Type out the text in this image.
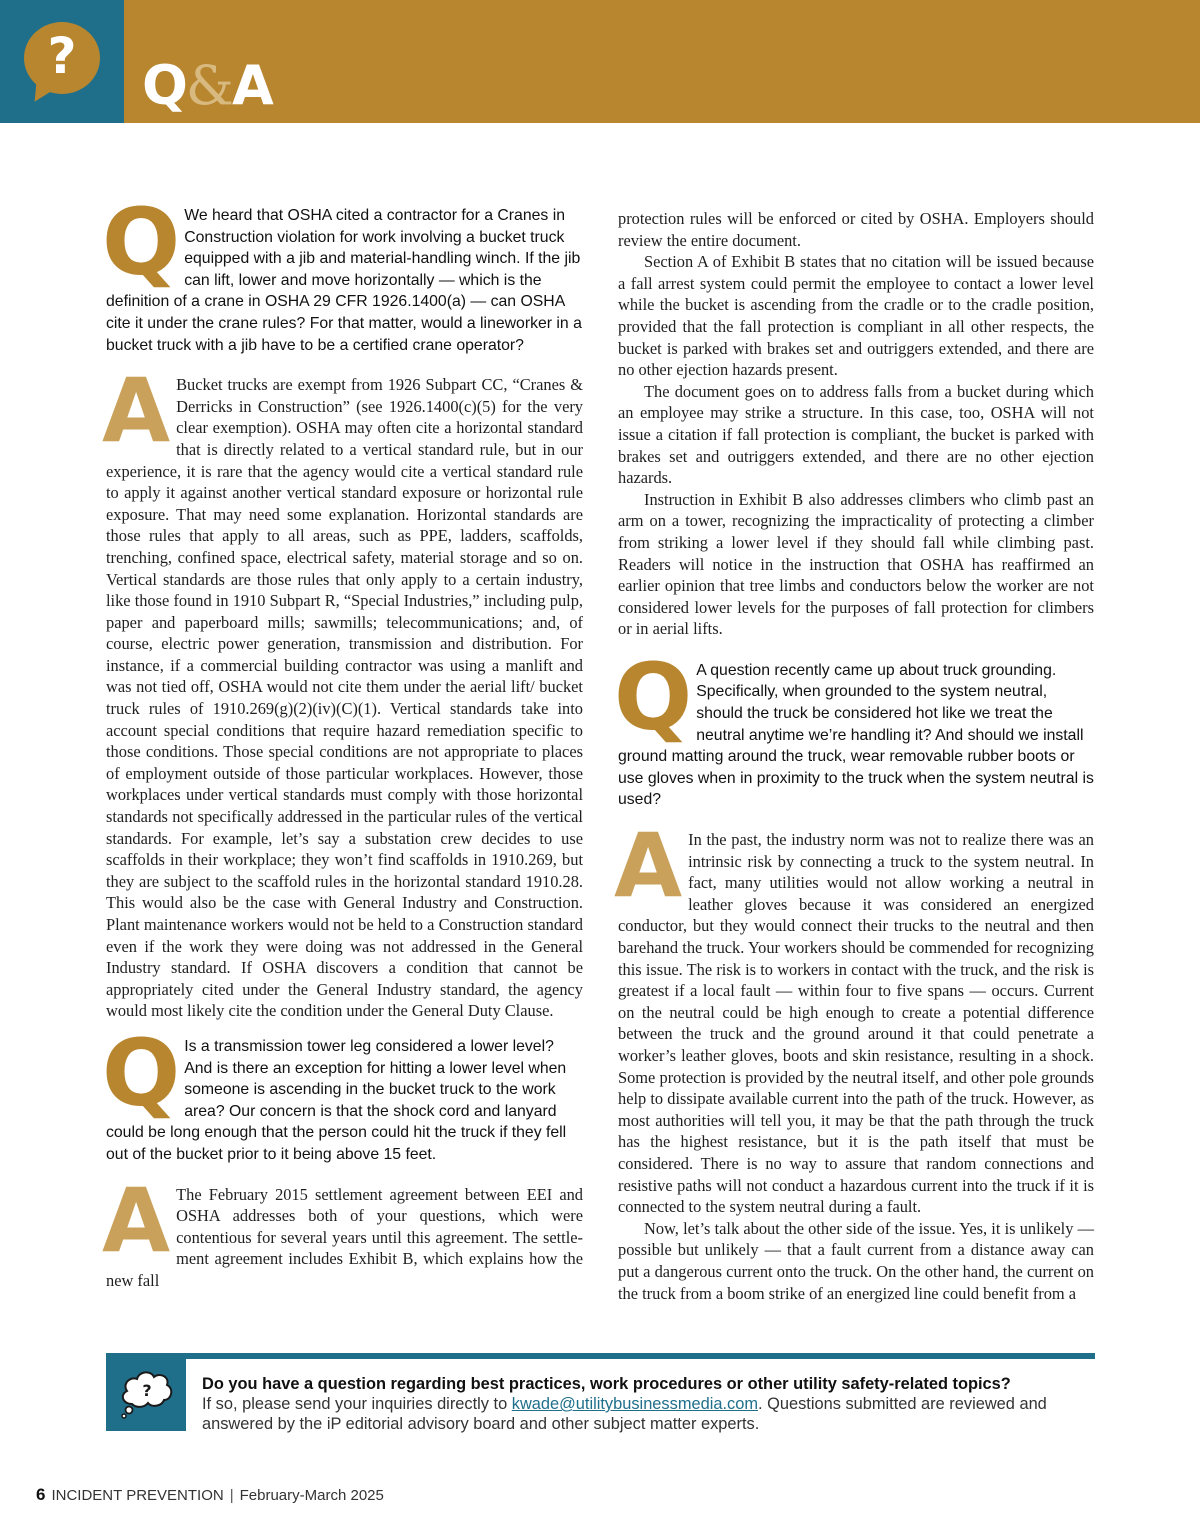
?	Q&A
Q We heard that OSHA cited a contractor for a Cranes in Construction violation for work involving a bucket truck equipped with a jib and material-handling winch. If the jib can lift, lower and move horizontally — which is the definition of a crane in OSHA 29 CFR 1926.1400(a) — can OSHA cite it under the crane rules? For that matter, would a lineworker in a bucket truck with a jib have to be a certified crane operator?
A Bucket trucks are exempt from 1926 Subpart CC, “Cranes & Derricks in Construction” (see 1926.1400(c)(5) for the very clear exemption). OSHA may often cite a horizontal standard that is directly related to a vertical standard rule, but in our experience, it is rare that the agency would cite a vertical standard rule to apply it against another vertical standard exposure or horizontal rule exposure. That may need some explanation. Horizontal standards are those rules that apply to all areas, such as PPE, ladders, scaffolds, trenching, confined space, electrical safety, material storage and so on. Vertical standards are those rules that only apply to a certain industry, like those found in 1910 Subpart R, “Special Industries,” including pulp, paper and paperboard mills; sawmills; telecommunications; and, of course, electric power generation, transmission and distribution. For instance, if a commercial building contractor was using a manlift and was not tied off, OSHA would not cite them under the aerial lift/ bucket truck rules of 1910.269(g)(2)(iv)(C)(1). Vertical standards take into account special conditions that require hazard remediation specific to those conditions. Those special conditions are not appropriate to places of employment outside of those particular workplaces. However, those workplaces under vertical standards must comply with those horizontal standards not specifically addressed in the particular rules of the vertical standards. For example, let’s say a substation crew decides to use scaffolds in their workplace; they won’t find scaffolds in 1910.269, but they are subject to the scaffold rules in the horizontal standard 1910.28. This would also be the case with General Industry and Construction. Plant maintenance workers would not be held to a Construction standard even if the work they were doing was not addressed in the General Industry standard. If OSHA discovers a condition that cannot be appropriately cited under the General Industry standard, the agency would most likely cite the condition under the General Duty Clause.

Q Is a transmission tower leg considered a lower level? And is there an exception for hitting a lower level when someone is ascending in the bucket truck to the work area? Our concern is that the shock cord and lanyard could be long enough that the person could hit the truck if they fell out of the bucket prior to it being above 15 feet.
A The February 2015 settlement agreement between EEI and OSHA addresses both of your questions, which were contentious for several years until this agreement. The settle-ment agreement includes Exhibit B, which explains how the new fall

protection rules will be enforced or cited by OSHA. Employers should review the entire document.

Section A of Exhibit B states that no citation will be issued because a fall arrest system could permit the employee to contact a lower level while the bucket is ascending from the cradle or to the cradle position, provided that the fall protection is compliant in all other respects, the bucket is parked with brakes set and outriggers extended, and there are no other ejection hazards present.

The document goes on to address falls from a bucket during which an employee may strike a structure. In this case, too, OSHA will not issue a citation if fall protection is compliant, the bucket is parked with brakes set and outriggers extended, and there are no other ejection hazards.

Instruction in Exhibit B also addresses climbers who climb past an arm on a tower, recognizing the impracticality of protecting a climber from striking a lower level if they should fall while climbing past. Readers will notice in the instruction that OSHA has reaffirmed an earlier opinion that tree limbs and conductors below the worker are not considered lower levels for the purposes of fall protection for climbers or in aerial lifts.

Q A question recently came up about truck grounding. Specifically, when grounded to the system neutral, should the truck be considered hot like we treat the neutral anytime we’re handling it? And should we install ground matting around the truck, wear removable rubber boots or use gloves when in proximity to the truck when the system neutral is used?
A In the past, the industry norm was not to realize there was an intrinsic risk by connecting a truck to the system neutral. In fact, many utilities would not allow working a neutral in leather gloves because it was considered an energized conductor, but they would connect their trucks to the neutral and then barehand the truck. Your workers should be commended for recognizing this issue. The risk is to workers in contact with the truck, and the risk is greatest if a local fault — within four to five spans — occurs. Current on the neutral could be high enough to create a potential difference between the truck and the ground around it that could penetrate a worker’s leather gloves, boots and skin resistance, resulting in a shock. Some protection is provided by the neutral itself, and other pole grounds help to dissipate available current into the path of the truck. However, as most authorities will tell you, it may be that the path through the truck has the highest resistance, but it is the path itself that must be considered. There is no way to assure that random connections and resistive paths will not conduct a hazardous current into the truck if it is connected to the system neutral during a fault.

Now, let’s talk about the other side of the issue. Yes, it is unlikely — possible but unlikely — that a fault current from a distance away can put a dangerous current onto the truck. On the other hand, the current on the truck from a boom strike of an energized line could benefit from a

?	Do you have a question regarding best practices, work procedures or other utility safety-related topics?
If so, please send your inquiries directly to kwade@utilitybusinessmedia.com. Questions submitted are reviewed and answered by the iP editorial advisory board and other subject matter experts.
6 INCIDENT PREVENTION | February-March 2025
